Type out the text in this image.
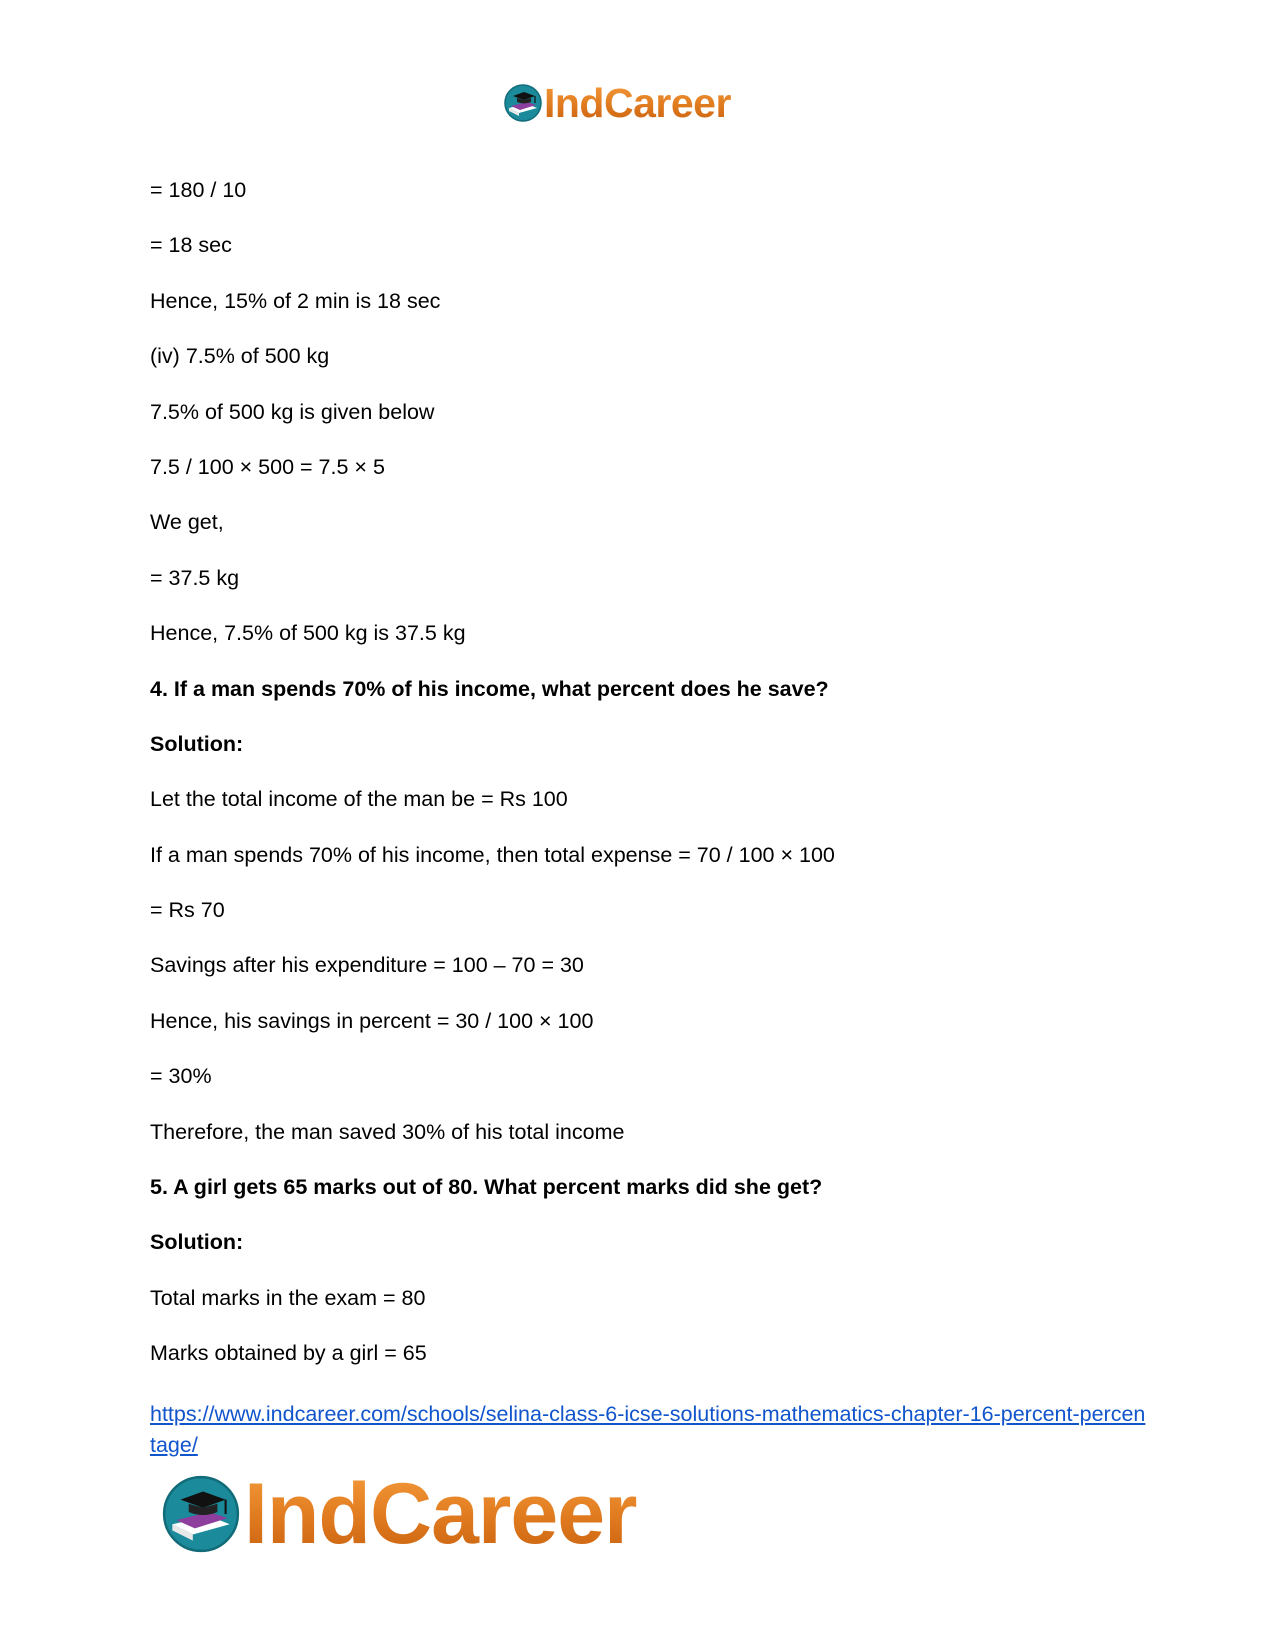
IndCareer
= 180 / 10
= 18 sec
Hence, 15% of 2 min is 18 sec
(iv) 7.5% of 500 kg
7.5% of 500 kg is given below
7.5 / 100 × 500 = 7.5 × 5
We get,
= 37.5 kg
Hence, 7.5% of 500 kg is 37.5 kg
4. If a man spends 70% of his income, what percent does he save?
Solution:
Let the total income of the man be = Rs 100
If a man spends 70% of his income, then total expense = 70 / 100 × 100
= Rs 70
Savings after his expenditure = 100 – 70 = 30
Hence, his savings in percent = 30 / 100 × 100
= 30%
Therefore, the man saved 30% of his total income
5. A girl gets 65 marks out of 80. What percent marks did she get?
Solution:
Total marks in the exam = 80
Marks obtained by a girl = 65
https://www.indcareer.com/schools/selina-class-6-icse-solutions-mathematics-chapter-16-percent-percentage/
IndCareer
